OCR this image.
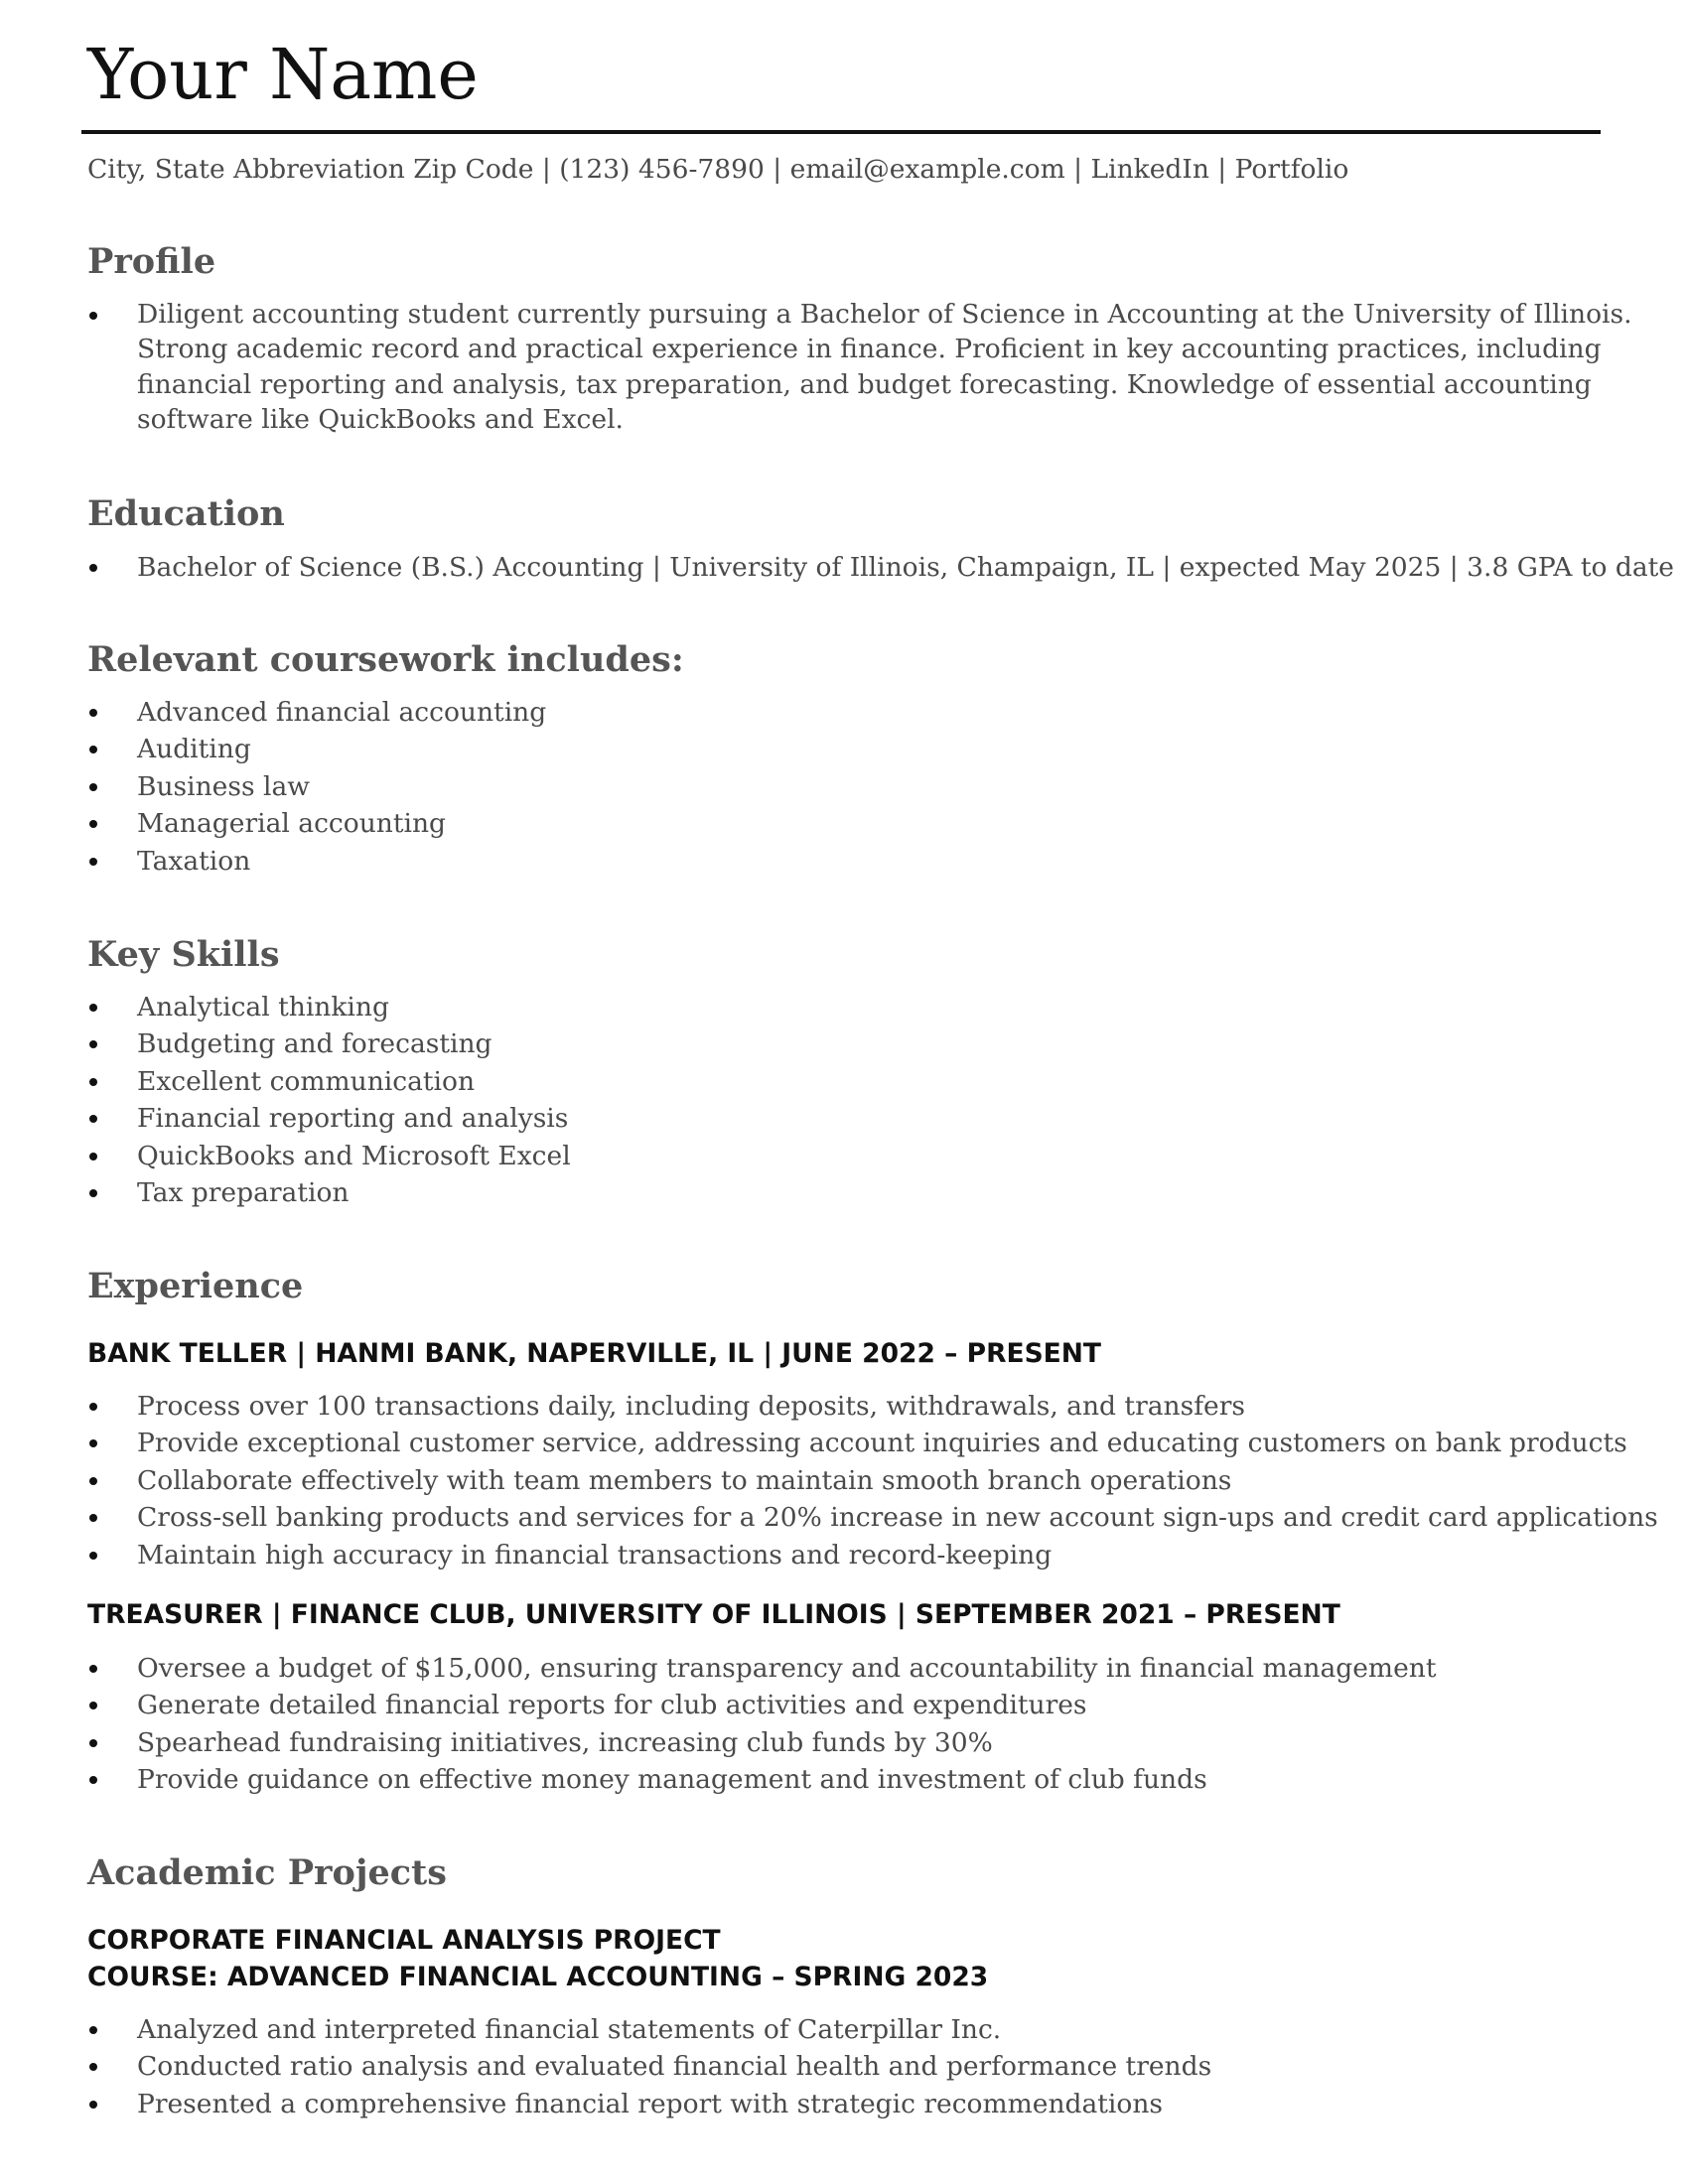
Your Name
City, State Abbreviation Zip Code | (123) 456-7890 | email@example.com | LinkedIn | Portfolio
Profile
Diligent accounting student currently pursuing a Bachelor of Science in Accounting at the University of Illinois.
Strong academic record and practical experience in finance. Proficient in key accounting practices, including
financial reporting and analysis, tax preparation, and budget forecasting. Knowledge of essential accounting
software like QuickBooks and Excel.
Education
Bachelor of Science (B.S.) Accounting | University of Illinois, Champaign, IL | expected May 2025 | 3.8 GPA to date
Relevant coursework includes:
Advanced financial accounting
Auditing
Business law
Managerial accounting
Taxation
Key Skills
Analytical thinking
Budgeting and forecasting
Excellent communication
Financial reporting and analysis
QuickBooks and Microsoft Excel
Tax preparation
Experience
BANK TELLER | HANMI BANK, NAPERVILLE, IL | JUNE 2022 – PRESENT
Process over 100 transactions daily, including deposits, withdrawals, and transfers
Provide exceptional customer service, addressing account inquiries and educating customers on bank products
Collaborate effectively with team members to maintain smooth branch operations
Cross-sell banking products and services for a 20% increase in new account sign-ups and credit card applications
Maintain high accuracy in financial transactions and record-keeping
TREASURER | FINANCE CLUB, UNIVERSITY OF ILLINOIS | SEPTEMBER 2021 – PRESENT
Oversee a budget of $15,000, ensuring transparency and accountability in financial management
Generate detailed financial reports for club activities and expenditures
Spearhead fundraising initiatives, increasing club funds by 30%
Provide guidance on effective money management and investment of club funds
Academic Projects
CORPORATE FINANCIAL ANALYSIS PROJECT
COURSE: ADVANCED FINANCIAL ACCOUNTING – SPRING 2023
Analyzed and interpreted financial statements of Caterpillar Inc.
Conducted ratio analysis and evaluated financial health and performance trends
Presented a comprehensive financial report with strategic recommendations
